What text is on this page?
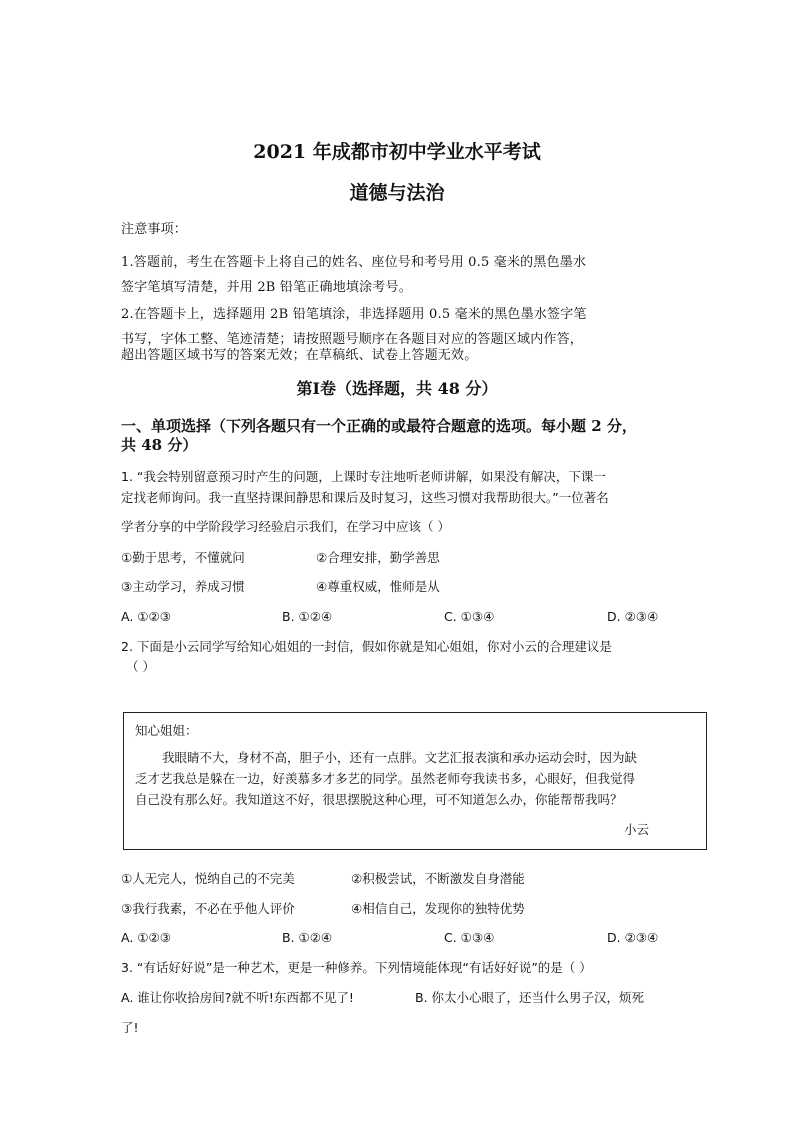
2021 年成都市初中学业水平考试
道德与法治
注意事项：
1.答题前，考生在答题卡上将自己的姓名、座位号和考号用 0.5 毫米的黑色墨水
签字笔填写清楚，并用 2B 铅笔正确地填涂考号。
2.在答题卡上，选择题用 2B 铅笔填涂，非选择题用 0.5 毫米的黑色墨水签字笔
书写，字体工整、笔迹清楚；请按照题号顺序在各题目对应的答题区域内作答，
超出答题区域书写的答案无效；在草稿纸、试卷上答题无效。
第Ⅰ卷（选择题，共 48 分）
一、单项选择（下列各题只有一个正确的或最符合题意的选项。每小题 2 分，
共 48 分）
1. “我会特别留意预习时产生的问题，上课时专注地听老师讲解，如果没有解决，下课一
定找老师询问。我一直坚持课间静思和课后及时复习，这些习惯对我帮助很大。”一位著名
学者分享的中学阶段学习经验启示我们，在学习中应该（ ）
①勤于思考，不懂就问	②合理安排，勤学善思
③主动学习，养成习惯	④尊重权威，惟师是从
A. ①②③	B. ①②④	C. ①③④	D. ②③④
2. 下面是小云同学写给知心姐姐的一封信，假如你就是知心姐姐，你对小云的合理建议是
（ ）
知心姐姐：
我眼睛不大，身材不高，胆子小，还有一点胖。文艺汇报表演和承办运动会时，因为缺
乏才艺我总是躲在一边，好羡慕多才多艺的同学。虽然老师夸我读书多，心眼好，但我觉得
自己没有那么好。我知道这不好，很思摆脱这种心理，可不知道怎么办，你能帮帮我吗？
小云
①人无完人，悦纳自己的不完美	②积极尝试，不断激发自身潜能
③我行我素，不必在乎他人评价	④相信自己，发现你的独特优势
A. ①②③	B. ①②④	C. ①③④	D. ②③④
3. “有话好好说”是一种艺术，更是一种修养。下列情境能体现“有话好好说”的是（ ）
A. 谁让你收拾房间?就不听!东西都不见了!	B. 你太小心眼了，还当什么男子汉，烦死
了!
